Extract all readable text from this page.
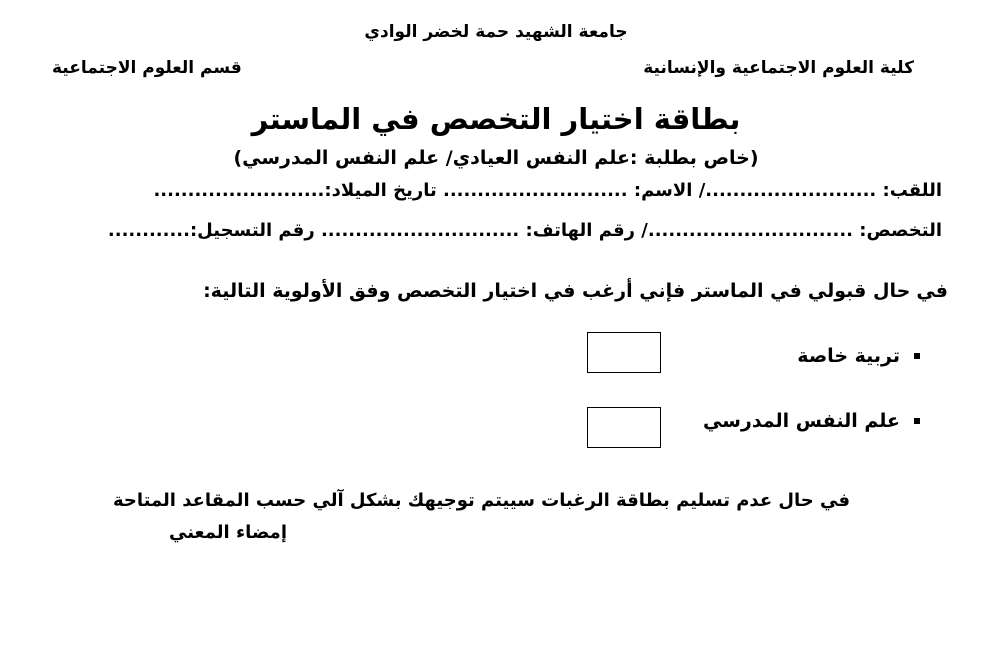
جامعة الشهيد حمة لخضر الوادي
كلية العلوم الاجتماعية والإنسانية
قسم العلوم الاجتماعية
بطاقة اختيار التخصص في الماستر
(خاص بطلبة :علم النفس العيادي/ علم النفس المدرسي)
اللقب: ........................./ الاسم: ........................... تاريخ الميلاد:.........................
التخصص: ............................../ رقم الهاتف: ............................. رقم التسجيل:............
في حال قبولي في الماستر فإني أرغب في اختيار التخصص وفق الأولوية التالية:
تربية خاصة
علم النفس المدرسي
في حال عدم تسليم بطاقة الرغبات سييتم توجيهك بشكل آلي حسب المقاعد المتاحة
إمضاء المعني
